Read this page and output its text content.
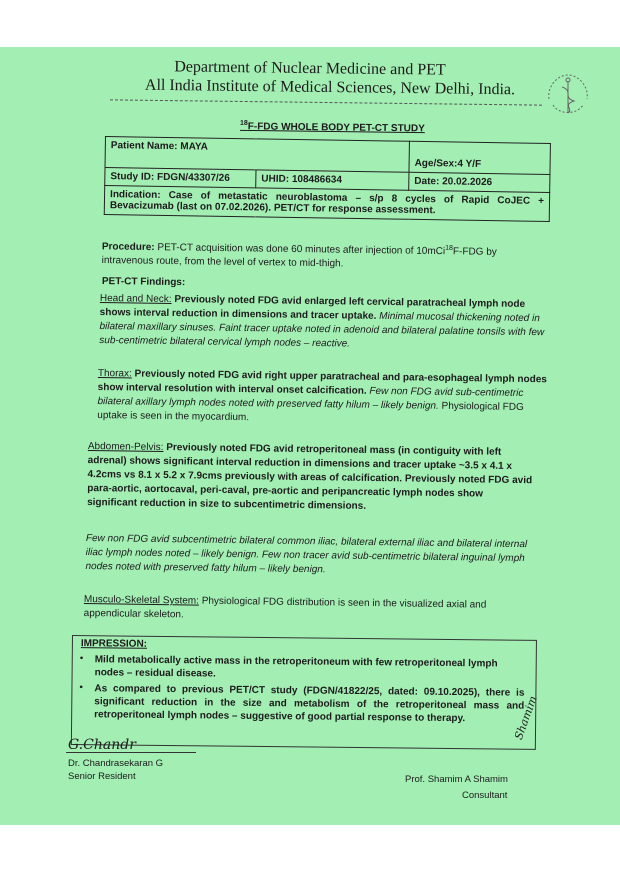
Department of Nuclear Medicine and PET
All India Institute of Medical Sciences, New Delhi, India.
$^{18}$F-FDG WHOLE BODY PET-CT STUDY
Patient Name: MAYA		Age/Sex:4 Y/F
Study ID: FDGN/43307/26	UHID: 108486634	Date: 20.02.2026
Indication: Case of metastatic neuroblastoma – s/p 8 cycles of Rapid CoJEC + Bevacizumab (last on 07.02.2026). PET/CT for response assessment.		
Procedure: PET-CT acquisition was done 60 minutes after injection of 10mCi$^{18}$F-FDG by
intravenous route, from the level of vertex to mid-thigh.
PET-CT Findings:
Head and Neck: Previously noted FDG avid enlarged left cervical paratracheal lymph node shows interval reduction in dimensions and tracer uptake. Minimal mucosal thickening noted in bilateral maxillary sinuses. Faint tracer uptake noted in adenoid and bilateral palatine tonsils with few sub-centimetric bilateral cervical lymph nodes – reactive.
Thorax: Previously noted FDG avid right upper paratracheal and para-esophageal lymph nodes show interval resolution with interval onset calcification. Few non FDG avid sub-centimetric bilateral axillary lymph nodes noted with preserved fatty hilum – likely benign. Physiological FDG uptake is seen in the myocardium.
Abdomen-Pelvis: Previously noted FDG avid retroperitoneal mass (in contiguity with left adrenal) shows significant interval reduction in dimensions and tracer uptake ~3.5 x 4.1 x 4.2cms vs 8.1 x 5.2 x 7.9cms previously with areas of calcification. Previously noted FDG avid para-aortic, aortocaval, peri-caval, pre-aortic and peripancreatic lymph nodes show significant reduction in size to subcentimetric dimensions.
Few non FDG avid subcentimetric bilateral common iliac, bilateral external iliac and bilateral internal iliac lymph nodes noted – likely benign. Few non tracer avid sub-centimetric bilateral inguinal lymph nodes noted with preserved fatty hilum – likely benign.
Musculo-Skeletal System: Physiological FDG distribution is seen in the visualized axial and appendicular skeleton.
IMPRESSION:
• Mild metabolically active mass in the retroperitoneum with few retroperitoneal lymph nodes – residual disease.
• As compared to previous PET/CT study (FDGN/41822/25, dated: 09.10.2025), there is significant reduction in the size and metabolism of the retroperitoneal mass and retroperitoneal lymph nodes – suggestive of good partial response to therapy.
G.Chandr
Dr. Chandrasekaran G
Senior Resident
Shamim
Prof. Shamim A Shamim
Consultant
